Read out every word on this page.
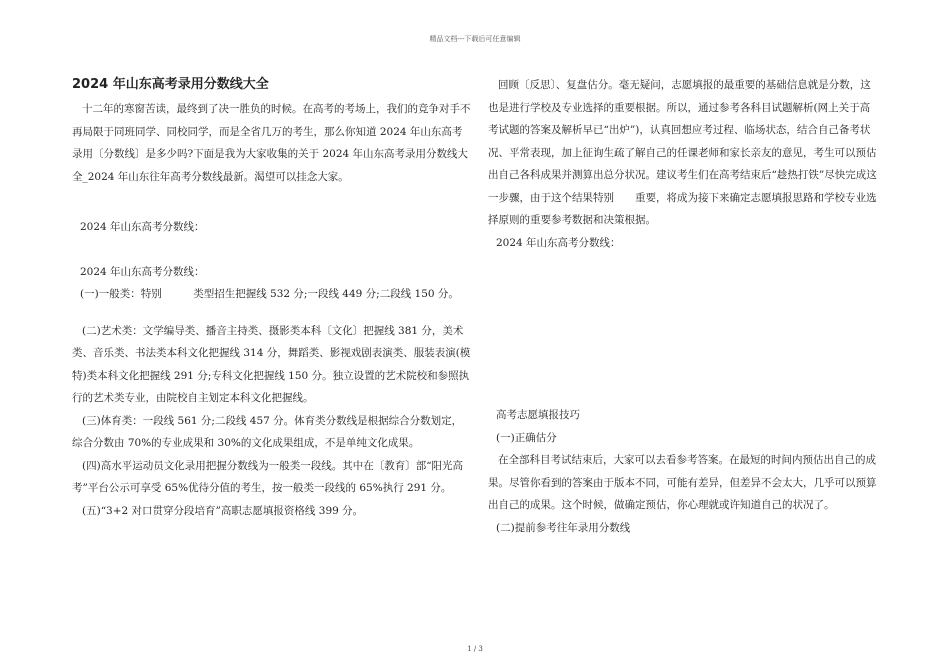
精品文档---下载后可任意编辑
2024 年山东高考录用分数线大全

十二年的寒窗苦读，最终到了决一胜负的时候。在高考的考场上，我们的竞争对手不再局限于同班同学、同校同学，而是全省几万的考生，那么你知道 2024 年山东高考录用〔分数线〕是多少吗?下面是我为大家收集的关于 2024 年山东高考录用分数线大全_2024 年山东往年高考分数线最新。渴望可以挂念大家。

2024 年山东高考分数线：

2024 年山东高考分数线：

(一)一般类：特别　　　类型招生把握线 532 分;一段线 449 分;二段线 150 分。

(二)艺术类：文学编导类、播音主持类、摄影类本科〔文化〕把握线 381 分，美术类、音乐类、书法类本科文化把握线 314 分，舞蹈类、影视戏剧表演类、服装表演(模特)类本科文化把握线 291 分;专科文化把握线 150 分。独立设置的艺术院校和参照执行的艺术类专业，由院校自主划定本科文化把握线。

(三)体育类：一段线 561 分;二段线 457 分。体育类分数线是根据综合分数划定，综合分数由 70%的专业成果和 30%的文化成果组成，不是单纯文化成果。

(四)高水平运动员文化录用把握分数线为一般类一段线。其中在〔教育〕部“阳光高考”平台公示可享受 65%优待分值的考生，按一般类一段线的 65%执行 291 分。

(五)“3+2 对口贯穿分段培育”高职志愿填报资格线 399 分。

回顾〔反思〕、复盘估分。毫无疑问，志愿填报的最重要的基础信息就是分数，这也是进行学校及专业选择的重要根据。所以，通过参考各科目试题解析(网上关于高考试题的答案及解析早已“出炉”)，认真回想应考过程、临场状态，结合自己备考状况、平常表现，加上征询生疏了解自己的任课老师和家长亲友的意见，考生可以预估出自己各科成果并测算出总分状况。建议考生们在高考结束后“趁热打铁”尽快完成这一步骤，由于这个结果特别　　重要，将成为接下来确定志愿填报思路和学校专业选择原则的重要参考数据和决策根据。

2024 年山东高考分数线：

高考志愿填报技巧

(一)正确估分

在全部科目考试结束后，大家可以去看参考答案。在最短的时间内预估出自己的成果。尽管你看到的答案由于版本不同，可能有差异，但差异不会太大，几乎可以预算出自己的成果。这个时候，做确定预估，你心理就或许知道自己的状况了。

(二)提前参考往年录用分数线

1 / 3
